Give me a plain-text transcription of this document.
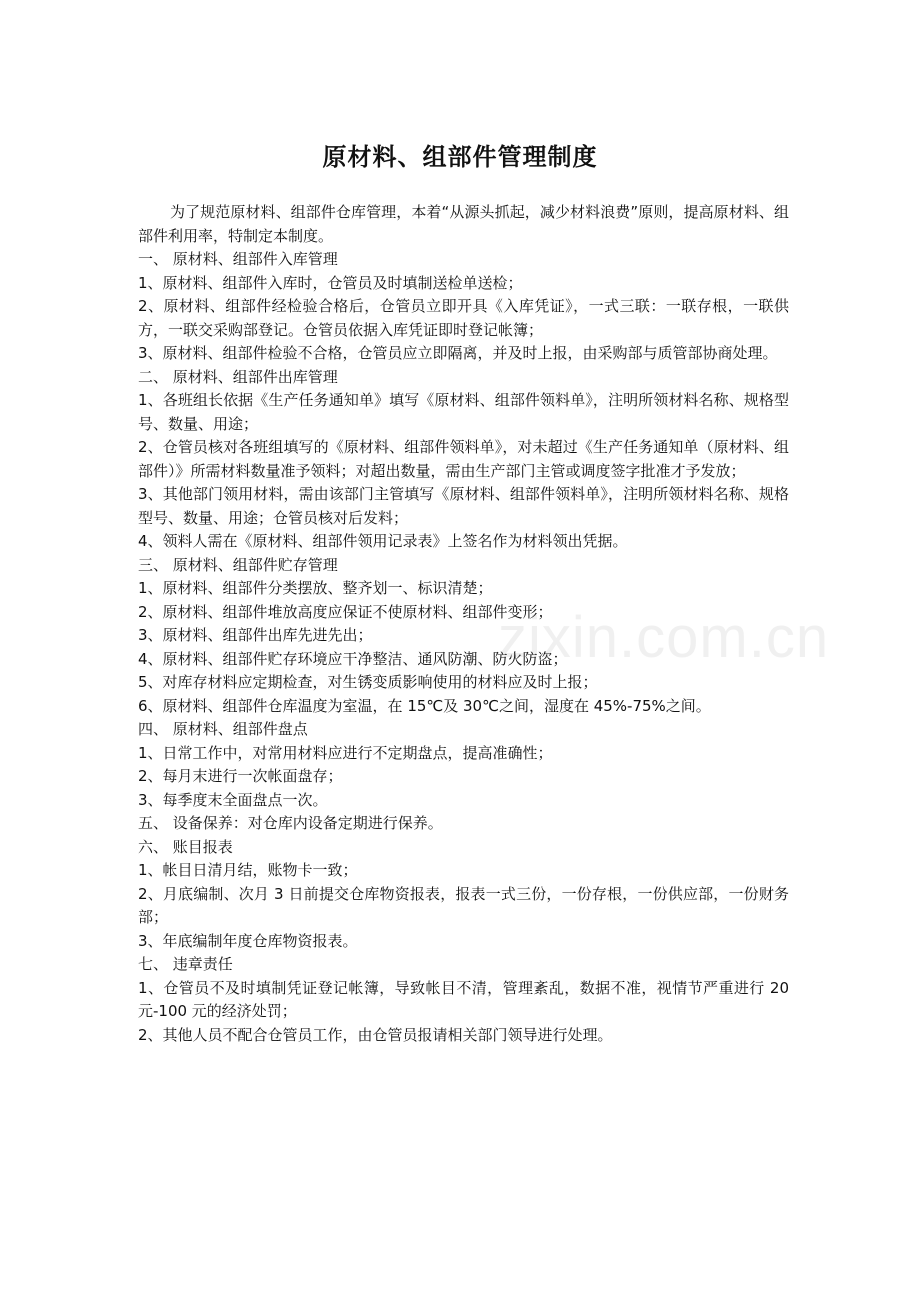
原材料、组部件管理制度

为了规范原材料、组部件仓库管理，本着“从源头抓起，减少材料浪费”原则，提高原材料、组部件利用率，特制定本制度。

一、 原材料、组部件入库管理

1、原材料、组部件入库时，仓管员及时填制送检单送检；

2、原材料、组部件经检验合格后，仓管员立即开具《入库凭证》，一式三联：一联存根，一联供方，一联交采购部登记。仓管员依据入库凭证即时登记帐簿；

3、原材料、组部件检验不合格，仓管员应立即隔离，并及时上报，由采购部与质管部协商处理。

二、 原材料、组部件出库管理

1、各班组长依据《生产任务通知单》填写《原材料、组部件领料单》，注明所领材料名称、规格型号、数量、用途；

2、仓管员核对各班组填写的《原材料、组部件领料单》，对未超过《生产任务通知单（原材料、组部件）》所需材料数量准予领料；对超出数量，需由生产部门主管或调度签字批准才予发放；

3、其他部门领用材料，需由该部门主管填写《原材料、组部件领料单》，注明所领材料名称、规格型号、数量、用途；仓管员核对后发料；

4、领料人需在《原材料、组部件领用记录表》上签名作为材料领出凭据。

三、 原材料、组部件贮存管理

1、原材料、组部件分类摆放、整齐划一、标识清楚；

2、原材料、组部件堆放高度应保证不使原材料、组部件变形；

3、原材料、组部件出库先进先出；

4、原材料、组部件贮存环境应干净整洁、通风防潮、防火防盗；

5、对库存材料应定期检查，对生锈变质影响使用的材料应及时上报；

6、原材料、组部件仓库温度为室温，在 15℃及 30℃之间，湿度在 45%-75%之间。

四、 原材料、组部件盘点

1、日常工作中，对常用材料应进行不定期盘点，提高准确性；

2、每月末进行一次帐面盘存；

3、每季度末全面盘点一次。

五、 设备保养：对仓库内设备定期进行保养。

六、 账目报表

1、帐目日清月结，账物卡一致；

2、月底编制、次月 3 日前提交仓库物资报表，报表一式三份，一份存根，一份供应部，一份财务部；

3、年底编制年度仓库物资报表。

七、 违章责任

1、仓管员不及时填制凭证登记帐簿，导致帐目不清，管理紊乱，数据不准，视情节严重进行 20 元-100 元的经济处罚；

2、其他人员不配合仓管员工作，由仓管员报请相关部门领导进行处理。

zixin.com.cn
